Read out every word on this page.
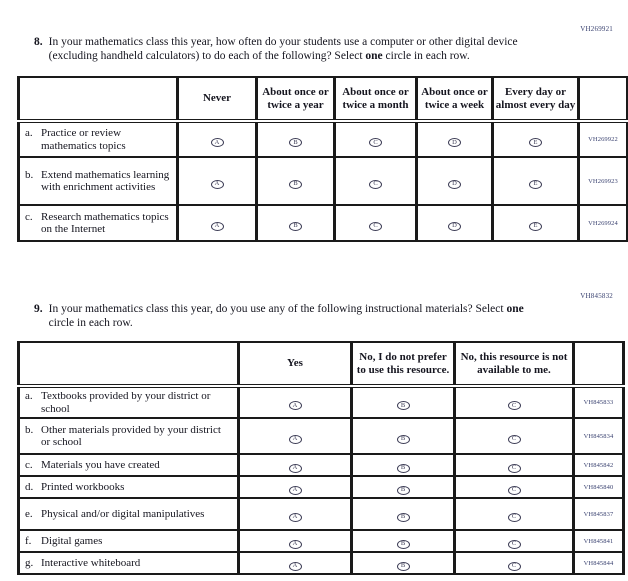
VH269921
8. In your mathematics class this year, how often do your students use a computer or other digital device (excluding handheld calculators) to do each of the following? Select one circle in each row.

	Never	About once or twice a year	About once or twice a month	About once or twice a week	Every day or almost every day	
a. Practice or review mathematics topics	A	B	C	D	E	VH269922
b. Extend mathematics learning with enrichment activities	A	B	C	D	E	VH269923
c. Research mathematics topics on the Internet	A	B	C	D	E	VH269924
VH845832
9. In your mathematics class this year, do you use any of the following instructional materials? Select one circle in each row.

	Yes	No, I do not prefer to use this resource.	No, this resource is not available to me.	
a. Textbooks provided by your district or school	A	B	C	VH845833
b. Other materials provided by your district or school	A	B	C	VH845834
c. Materials you have created	A	B	C	VH845842
d. Printed workbooks	A	B	C	VH845840
e. Physical and/or digital manipulatives	A	B	C	VH845837
f. Digital games	A	B	C	VH845841
g. Interactive whiteboard	A	B	C	VH845844
